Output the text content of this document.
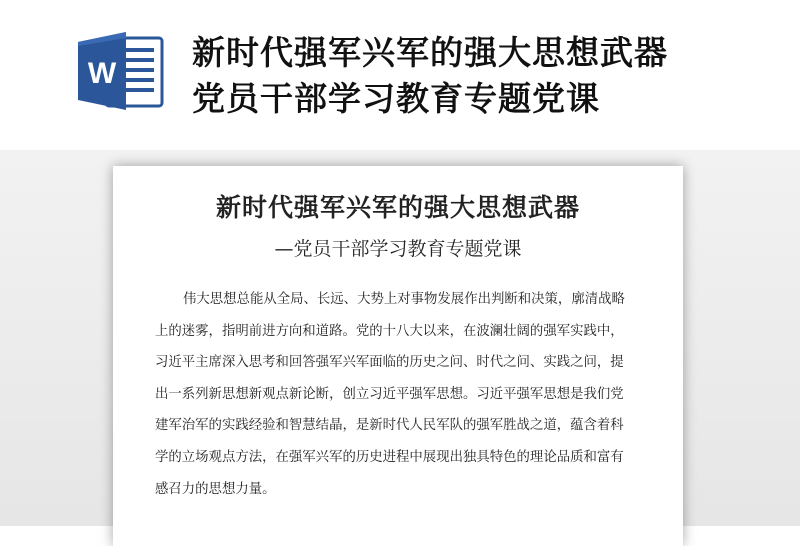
W
新时代强军兴军的强大思想武器
党员干部学习教育专题党课
新时代强军兴军的强大思想武器
—党员干部学习教育专题党课
伟大思想总能从全局、长远、大势上对事物发展作出判断和决策，廓清战略
上的迷雾，指明前进方向和道路。党的十八大以来，在波澜壮阔的强军实践中，
习近平主席深入思考和回答强军兴军面临的历史之问、时代之问、实践之问，提
出一系列新思想新观点新论断，创立习近平强军思想。习近平强军思想是我们党
建军治军的实践经验和智慧结晶，是新时代人民军队的强军胜战之道，蕴含着科
学的立场观点方法，在强军兴军的历史进程中展现出独具特色的理论品质和富有
感召力的思想力量。
